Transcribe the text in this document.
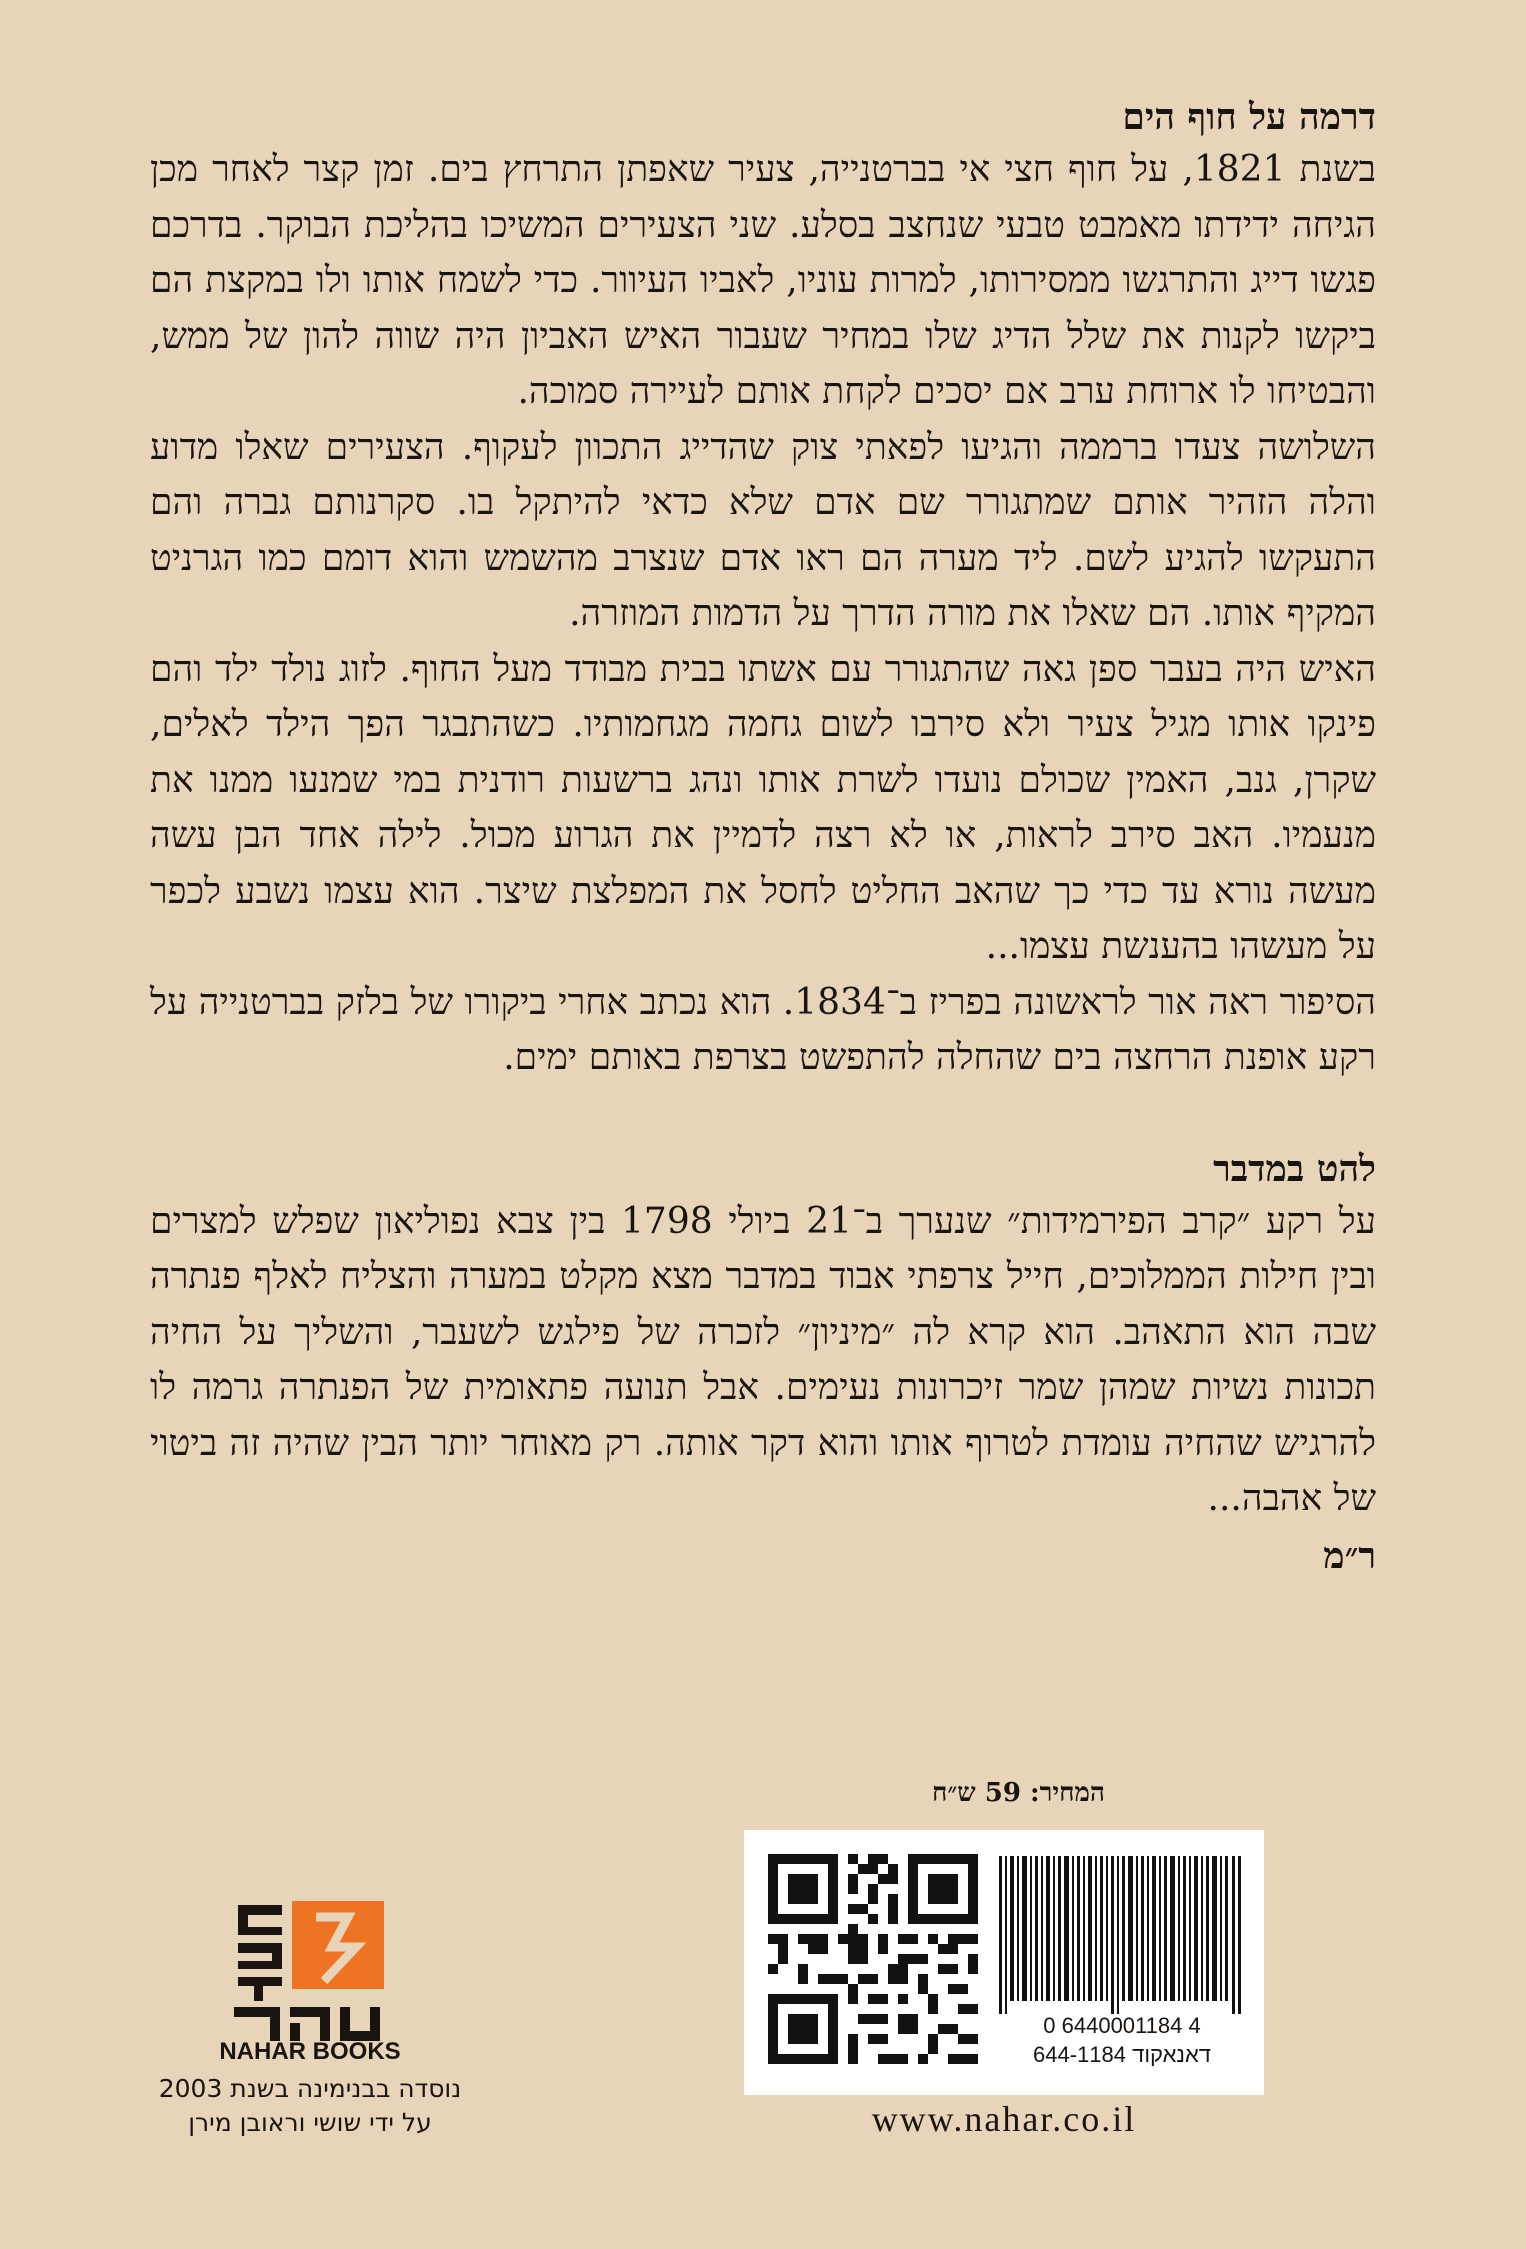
דרמה על חוף הים

בשנת 1821, על חוף חצי אי בברטנייה, צעיר שאפתן התרחץ בים. זמן קצר לאחר מכן הגיחה ידידתו מאמבט טבעי שנחצב בסלע. שני הצעירים המשיכו בהליכת הבוקר. בדרכם פגשו דייג והתרגשו ממסירותו, למרות עוניו, לאביו העיוור. כדי לשמח אותו ולו במקצת הם ביקשו לקנות את שלל הדיג שלו במחיר שעבור האיש האביון היה שווה להון של ממש, והבטיחו לו ארוחת ערב אם יסכים לקחת אותם לעיירה סמוכה.

השלושה צעדו ברממה והגיעו לפאתי צוק שהדייג התכוון לעקוף. הצעירים שאלו מדוע והלה הזהיר אותם שמתגורר שם אדם שלא כדאי להיתקל בו. סקרנותם גברה והם התעקשו להגיע לשם. ליד מערה הם ראו אדם שנצרב מהשמש והוא דומם כמו הגרניט המקיף אותו. הם שאלו את מורה הדרך על הדמות המוזרה.

האיש היה בעבר ספן גאה שהתגורר עם אשתו בבית מבודד מעל החוף. לזוג נולד ילד והם פינקו אותו מגיל צעיר ולא סירבו לשום גחמה מגחמותיו. כשהתבגר הפך הילד לאלים, שקרן, גנב, האמין שכולם נועדו לשרת אותו ונהג ברשעות רודנית במי שמנעו ממנו את מנעמיו. האב סירב לראות, או לא רצה לדמיין את הגרוע מכול. לילה אחד הבן עשה מעשה נורא עד כדי כך שהאב החליט לחסל את המפלצת שיצר. הוא עצמו נשבע לכפר על מעשהו בהענשת עצמו...

הסיפור ראה אור לראשונה בפריז ב־1834. הוא נכתב אחרי ביקורו של בלזק בברטנייה על רקע אופנת הרחצה בים שהחלה להתפשט בצרפת באותם ימים.

להט במדבר

על רקע ״קרב הפירמידות״ שנערך ב־21 ביולי 1798 בין צבא נפוליאון שפלש למצרים ובין חילות הממלוכים, חייל צרפתי אבוד במדבר מצא מקלט במערה והצליח לאלף פנתרה שבה הוא התאהב. הוא קרא לה ״מיניון״ לזכרה של פילגש לשעבר, והשליך על החיה תכונות נשיות שמהן שמר זיכרונות נעימים. אבל תנועה פתאומית של הפנתרה גרמה לו להרגיש שהחיה עומדת לטרוף אותו והוא דקר אותה. רק מאוחר יותר הבין שהיה זה ביטוי של אהבה...

ר״מ
המחיר: 59 ש״ח
0 6440001184 4
דאנאקוד 644-1184
www.nahar.co.il
NAHAR BOOKS
נוסדה בבנימינה בשנת 2003
על ידי שושי וראובן מירן
